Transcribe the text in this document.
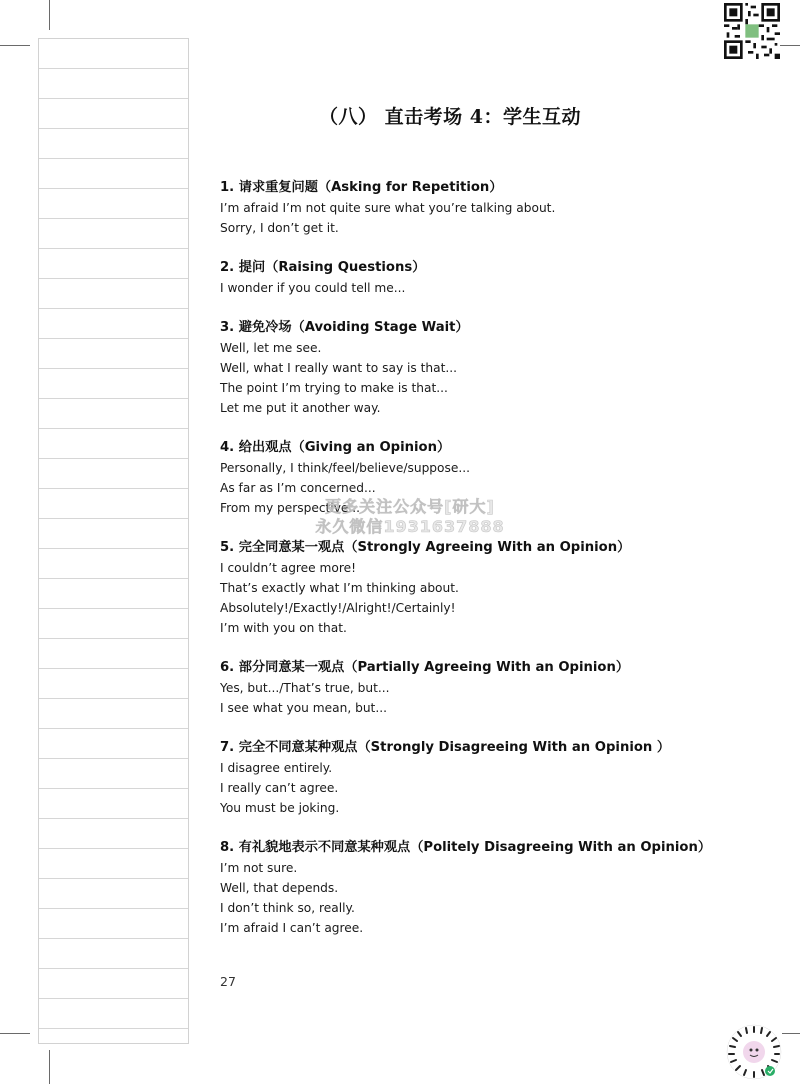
（八） 直击考场 4：学生互动
1. 请求重复问题（Asking for Repetition）
I’m afraid I’m not quite sure what you’re talking about.
Sorry, I don’t get it.
2. 提问（Raising Questions）
I wonder if you could tell me...
3. 避免冷场（Avoiding Stage Wait）
Well, let me see.
Well, what I really want to say is that...
The point I’m trying to make is that...
Let me put it another way.
4. 给出观点（Giving an Opinion）
Personally, I think/feel/believe/suppose...
As far as I’m concerned...
From my perspective...
5. 完全同意某一观点（Strongly Agreeing With an Opinion）
I couldn’t agree more!
That’s exactly what I’m thinking about.
Absolutely!/Exactly!/Alright!/Certainly!
I’m with you on that.
6. 部分同意某一观点（Partially Agreeing With an Opinion）
Yes, but.../That’s true, but...
I see what you mean, but...
7. 完全不同意某种观点（Strongly Disagreeing With an Opinion ）
I disagree entirely.
I really can’t agree.
You must be joking.
8. 有礼貌地表示不同意某种观点（Politely Disagreeing With an Opinion）
I’m not sure.
Well, that depends.
I don’t think so, really.
I’m afraid I can’t agree.
更多关注公众号[研大]
永久微信1931637888
27
